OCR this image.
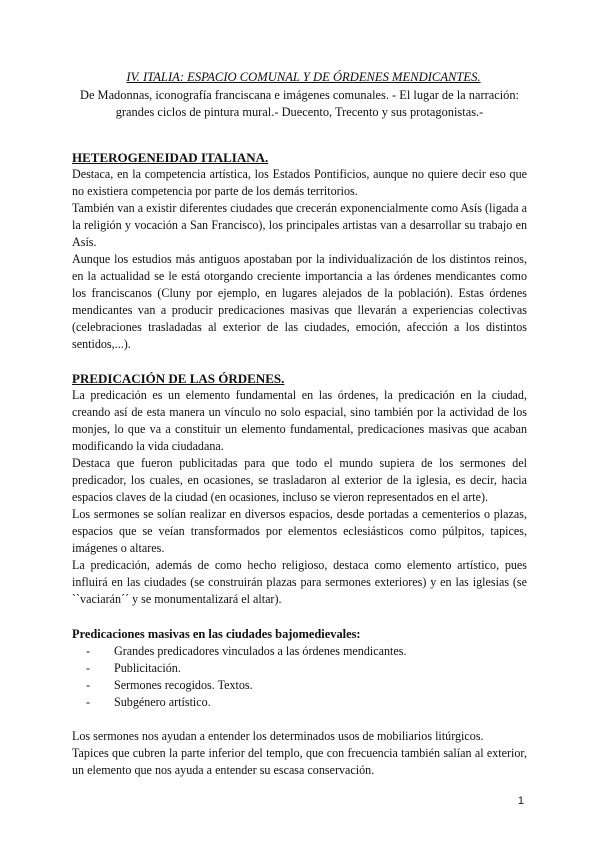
IV. ITALIA: ESPACIO COMUNAL Y DE ÓRDENES MENDICANTES.

De Madonnas, iconografía franciscana e imágenes comunales. - El lugar de la narración: grandes ciclos de pintura mural.- Duecento, Trecento y sus protagonistas.-

HETEROGENEIDAD ITALIANA.

Destaca, en la competencia artística, los Estados Pontificios, aunque no quiere decir eso que no existiera competencia por parte de los demás territorios.

También van a existir diferentes ciudades que crecerán exponencialmente como Asís (ligada a la religión y vocación a San Francisco), los principales artistas van a desarrollar su trabajo en Asís.

Aunque los estudios más antiguos apostaban por la individualización de los distintos reinos, en la actualidad se le está otorgando creciente importancia a las órdenes mendicantes como los franciscanos (Cluny por ejemplo, en lugares alejados de la población). Estas órdenes mendicantes van a producir predicaciones masivas que llevarán a experiencias colectivas (celebraciones trasladadas al exterior de las ciudades, emoción, afección a los distintos sentidos,...).

PREDICACIÓN DE LAS ÓRDENES.

La predicación es un elemento fundamental en las órdenes, la predicación en la ciudad, creando así de esta manera un vínculo no solo espacial, sino también por la actividad de los monjes, lo que va a constituir un elemento fundamental, predicaciones masivas que acaban modificando la vida ciudadana.

Destaca que fueron publicitadas para que todo el mundo supiera de los sermones del predicador, los cuales, en ocasiones, se trasladaron al exterior de la iglesia, es decir, hacia espacios claves de la ciudad (en ocasiones, incluso se vieron representados en el arte).

Los sermones se solían realizar en diversos espacios, desde portadas a cementerios o plazas, espacios que se veían transformados por elementos eclesiásticos como púlpitos, tapices, imágenes o altares.

La predicación, además de como hecho religioso, destaca como elemento artístico, pues influirá en las ciudades (se construirán plazas para sermones exteriores) y en las iglesias (se ``vaciarán´´ y se monumentalizará el altar).

Predicaciones masivas en las ciudades bajomedievales:

-	Grandes predicadores vinculados a las órdenes mendicantes.
-	Publicitación.
-	Sermones recogidos. Textos.
-	Subgénero artístico.

Los sermones nos ayudan a entender los determinados usos de mobiliarios litúrgicos.

Tapices que cubren la parte inferior del templo, que con frecuencia también salían al exterior, un elemento que nos ayuda a entender su escasa conservación.

1
